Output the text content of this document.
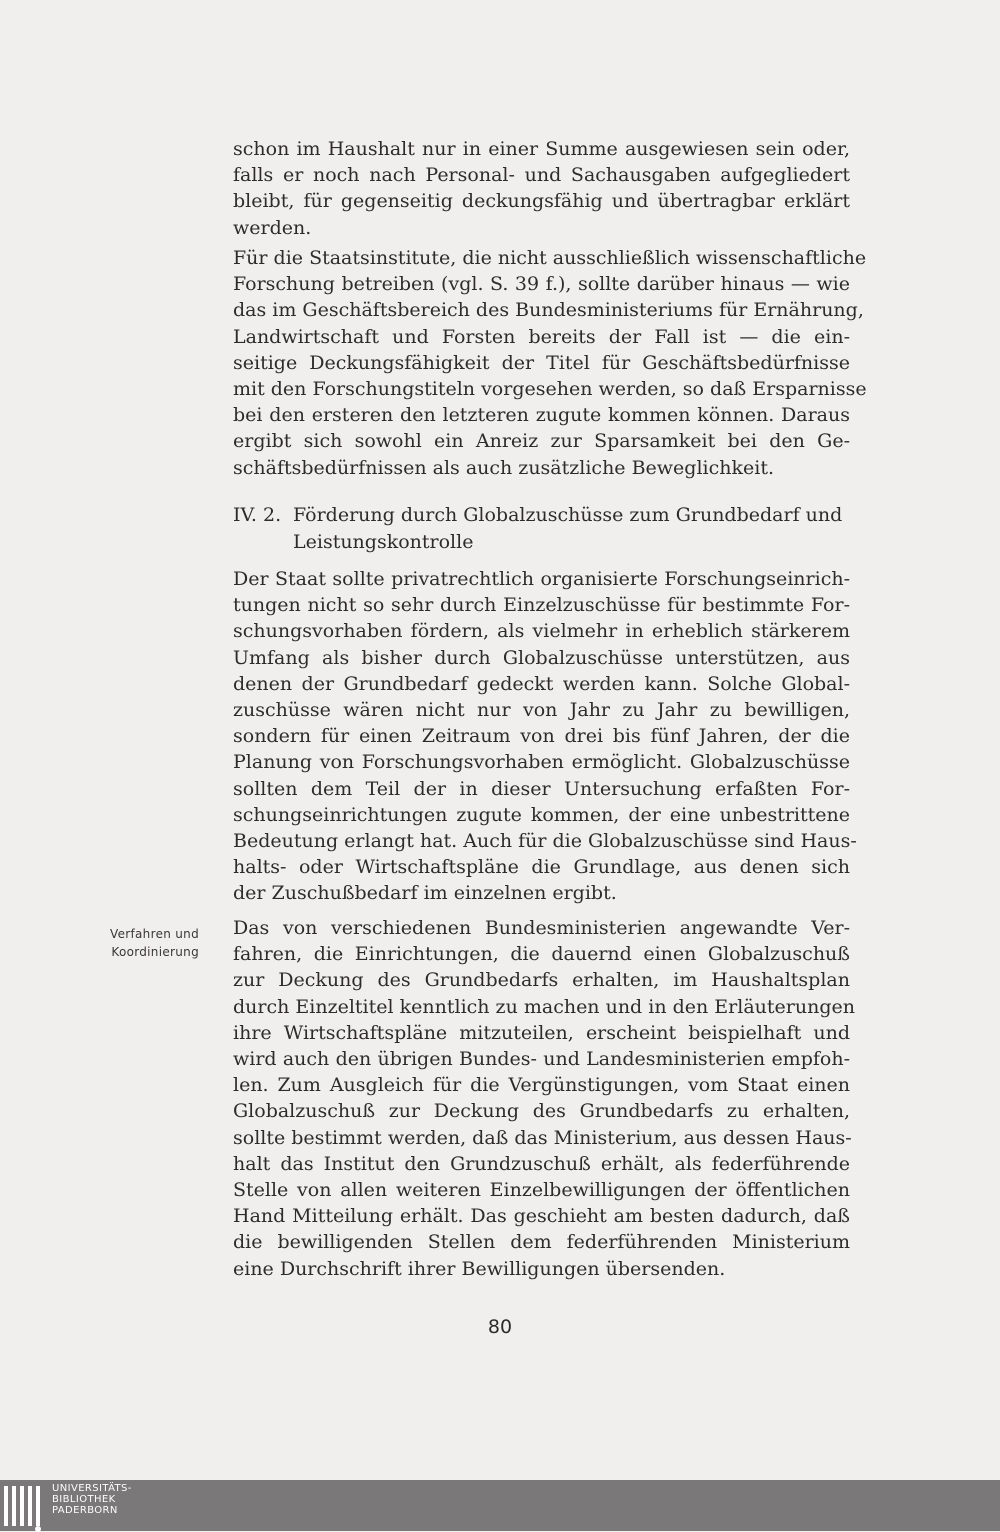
schon im Haushalt nur in einer Summe ausgewiesen sein oder,
falls er noch nach Personal- und Sachausgaben aufgegliedert
bleibt, für gegenseitig deckungsfähig und übertragbar erklärt
werden.
Für die Staatsinstitute, die nicht ausschließlich wissenschaftliche
Forschung betreiben (vgl. S. 39 f.), sollte darüber hinaus — wie
das im Geschäftsbereich des Bundesministeriums für Ernährung,
Landwirtschaft und Forsten bereits der Fall ist — die ein-
seitige Deckungsfähigkeit der Titel für Geschäftsbedürfnisse
mit den Forschungstiteln vorgesehen werden, so daß Ersparnisse
bei den ersteren den letzteren zugute kommen können. Daraus
ergibt sich sowohl ein Anreiz zur Sparsamkeit bei den Ge-
schäftsbedürfnissen als auch zusätzliche Beweglichkeit.
IV. 2. Förderung durch Globalzuschüsse zum Grundbedarf und
Leistungskontrolle
Der Staat sollte privatrechtlich organisierte Forschungseinrich-
tungen nicht so sehr durch Einzelzuschüsse für bestimmte For-
schungsvorhaben fördern, als vielmehr in erheblich stärkerem
Umfang als bisher durch Globalzuschüsse unterstützen, aus
denen der Grundbedarf gedeckt werden kann. Solche Global-
zuschüsse wären nicht nur von Jahr zu Jahr zu bewilligen,
sondern für einen Zeitraum von drei bis fünf Jahren, der die
Planung von Forschungsvorhaben ermöglicht. Globalzuschüsse
sollten dem Teil der in dieser Untersuchung erfaßten For-
schungseinrichtungen zugute kommen, der eine unbestrittene
Bedeutung erlangt hat. Auch für die Globalzuschüsse sind Haus-
halts- oder Wirtschaftspläne die Grundlage, aus denen sich
der Zuschußbedarf im einzelnen ergibt.
Verfahren und
Koordinierung
Das von verschiedenen Bundesministerien angewandte Ver-
fahren, die Einrichtungen, die dauernd einen Globalzuschuß
zur Deckung des Grundbedarfs erhalten, im Haushaltsplan
durch Einzeltitel kenntlich zu machen und in den Erläuterungen
ihre Wirtschaftspläne mitzuteilen, erscheint beispielhaft und
wird auch den übrigen Bundes- und Landesministerien empfoh-
len. Zum Ausgleich für die Vergünstigungen, vom Staat einen
Globalzuschuß zur Deckung des Grundbedarfs zu erhalten,
sollte bestimmt werden, daß das Ministerium, aus dessen Haus-
halt das Institut den Grundzuschuß erhält, als federführende
Stelle von allen weiteren Einzelbewilligungen der öffentlichen
Hand Mitteilung erhält. Das geschieht am besten dadurch, daß
die bewilligenden Stellen dem federführenden Ministerium
eine Durchschrift ihrer Bewilligungen übersenden.
80
UNIVERSITÄTS-
BIBLIOTHEK
PADERBORN
